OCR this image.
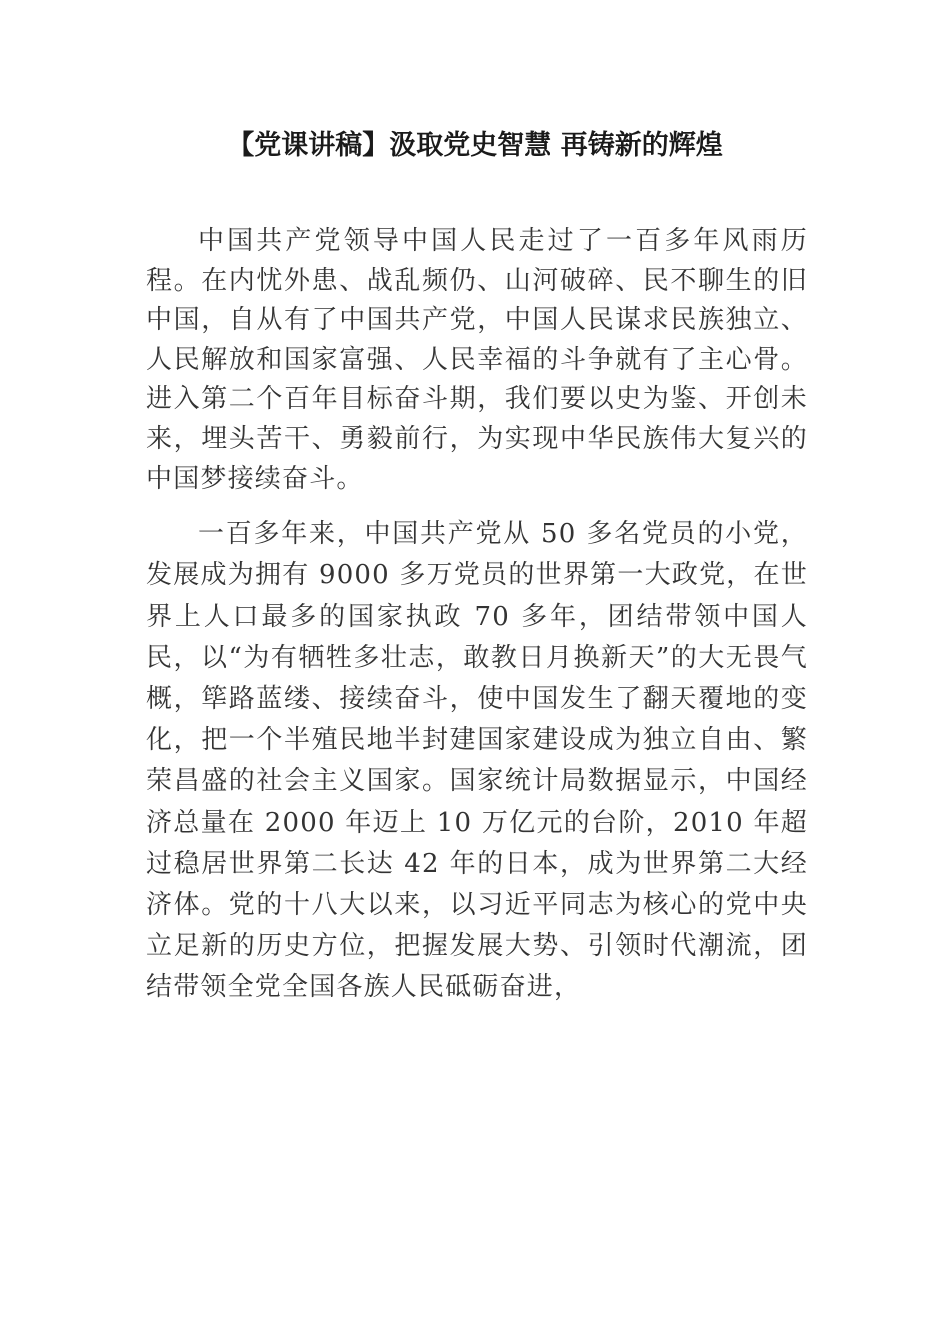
【党课讲稿】汲取党史智慧 再铸新的辉煌

中国共产党领导中国人民走过了一百多年风雨历程。在内忧外患、战乱频仍、山河破碎、民不聊生的旧中国，自从有了中国共产党，中国人民谋求民族独立、人民解放和国家富强、人民幸福的斗争就有了主心骨。进入第二个百年目标奋斗期，我们要以史为鉴、开创未来，埋头苦干、勇毅前行，为实现中华民族伟大复兴的中国梦接续奋斗。

一百多年来，中国共产党从 50 多名党员的小党，发展成为拥有 9000 多万党员的世界第一大政党，在世界上人口最多的国家执政 70 多年，团结带领中国人民，以“为有牺牲多壮志，敢教日月换新天”的大无畏气概，筚路蓝缕、接续奋斗，使中国发生了翻天覆地的变化，把一个半殖民地半封建国家建设成为独立自由、繁荣昌盛的社会主义国家。国家统计局数据显示，中国经济总量在 2000 年迈上 10 万亿元的台阶，2010 年超过稳居世界第二长达 42 年的日本，成为世界第二大经济体。党的十八大以来，以习近平同志为核心的党中央立足新的历史方位，把握发展大势、引领时代潮流，团结带领全党全国各族人民砥砺奋进，
